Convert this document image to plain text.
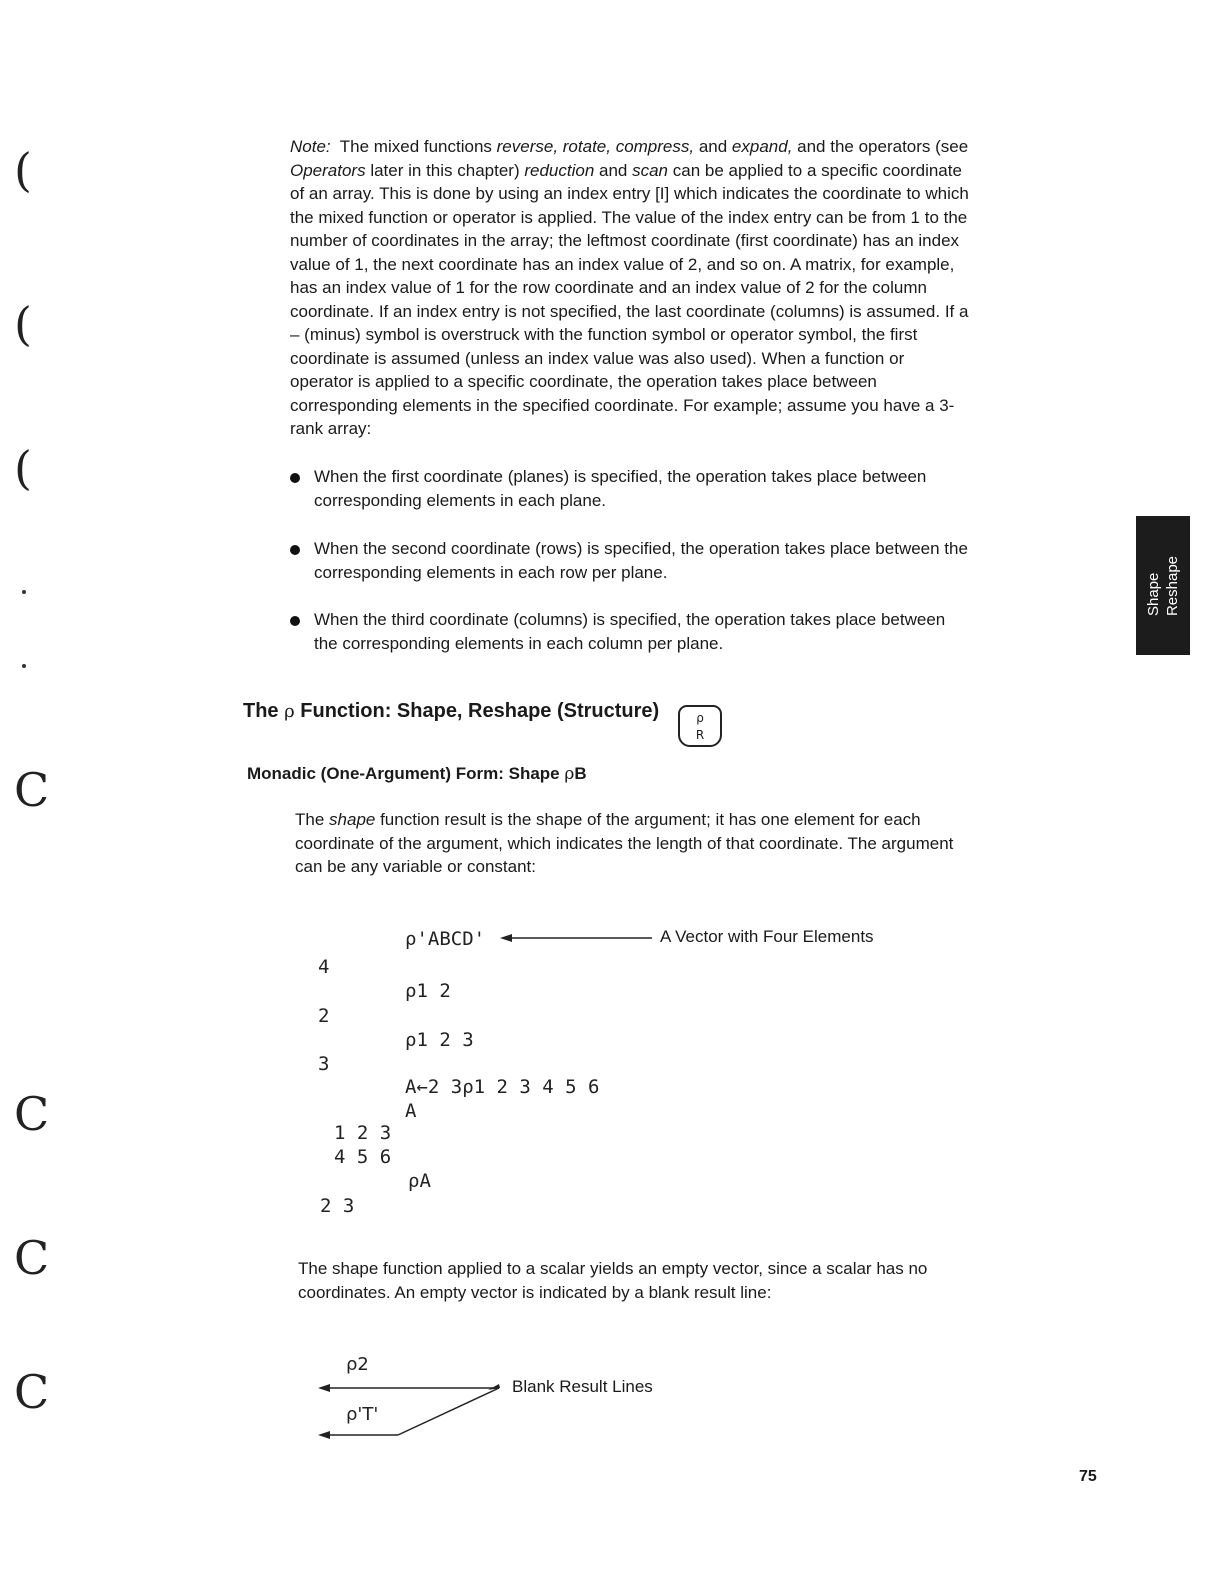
(
(
(
C
C
C
C

Note: The mixed functions reverse, rotate, compress, and expand, and the operators (see Operators later in this chapter) reduction and scan can be applied to a specific coordinate of an array. This is done by using an index entry [I] which indicates the coordinate to which the mixed function or operator is applied. The value of the index entry can be from 1 to the number of coordinates in the array; the leftmost coordinate (first coordinate) has an index value of 1, the next coordinate has an index value of 2, and so on. A matrix, for example, has an index value of 1 for the row coordinate and an index value of 2 for the column coordinate. If an index entry is not specified, the last coordinate (columns) is assumed. If a – (minus) symbol is overstruck with the function symbol or operator symbol, the first coordinate is assumed (unless an index value was also used). When a function or operator is applied to a specific coordinate, the operation takes place between corresponding elements in the specified coordinate. For example; assume you have a 3-rank array:

When the first coordinate (planes) is specified, the operation takes place between corresponding elements in each plane.
When the second coordinate (rows) is specified, the operation takes place between the corresponding elements in each row per plane.
When the third coordinate (columns) is specified, the operation takes place between the corresponding elements in each column per plane.
The ρ Function: Shape, Reshape (Structure)	ρ
R
Monadic (One-Argument) Form: Shape ρB

The shape function result is the shape of the argument; it has one element for each coordinate of the argument, which indicates the length of that coordinate. The argument can be any variable or constant:

ρ'ABCD'	A Vector with Four Elements
4
ρ1 2
2
ρ1 2 3
3
A←2 3ρ1 2 3 4 5 6
A
1 2 3
4 5 6
ρA
2 3

The shape function applied to a scalar yields an empty vector, since a scalar has no coordinates. An empty vector is indicated by a blank result line:

ρ2
ρ'T'
Blank Result Lines
Shape Reshape
75
